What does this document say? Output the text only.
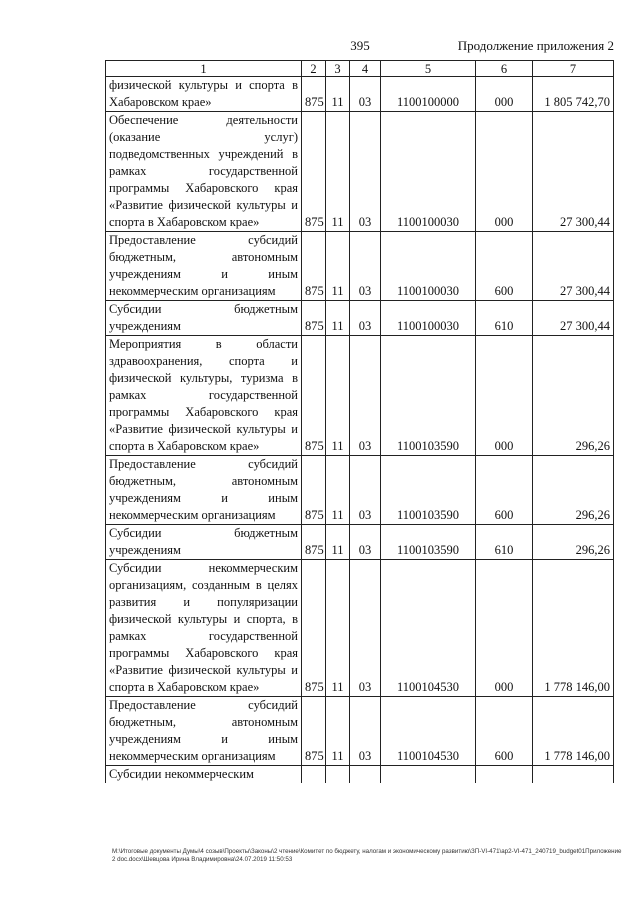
395	Продолжение приложения 2
1	2	3	4	5	6	7
физической культуры и спорта в Хабаровском крае»	875	11	03	1100100000	000	1 805 742,70
Обеспечение деятельности (оказание услуг) подведомственных учреждений в рамках государственной программы Хабаровского края «Развитие физической культуры и спорта в Хабаровском крае»	875	11	03	1100100030	000	27 300,44
Предоставление субсидий бюджетным, автономным учреждениям и иным некоммерческим организациям	875	11	03	1100100030	600	27 300,44
Субсидии бюджетным учреждениям	875	11	03	1100100030	610	27 300,44
Мероприятия в области здравоохранения, спорта и физической культуры, туризма в рамках государственной программы Хабаровского края «Развитие физической культуры и спорта в Хабаровском крае»	875	11	03	1100103590	000	296,26
Предоставление субсидий бюджетным, автономным учреждениям и иным некоммерческим организациям	875	11	03	1100103590	600	296,26
Субсидии бюджетным учреждениям	875	11	03	1100103590	610	296,26
Субсидии некоммерческим организациям, созданным в целях развития и популяризации физической культуры и спорта, в рамках государственной программы Хабаровского края «Развитие физической культуры и спорта в Хабаровском крае»	875	11	03	1100104530	000	1 778 146,00
Предоставление субсидий бюджетным, автономным учреждениям и иным некоммерческим организациям	875	11	03	1100104530	600	1 778 146,00
Субсидии некоммерческим						
М:\Итоговые документы Думы\4 созыв\Проекты\Законы\2 чтение\Комитет по бюджету, налогам и экономическому развитию\ЗП-VI-471\ар2-VI-471_240719_budget01Приложение 2 doc.docx\Шевцова Ирина Владимировна\24.07.2019 11:50:53
